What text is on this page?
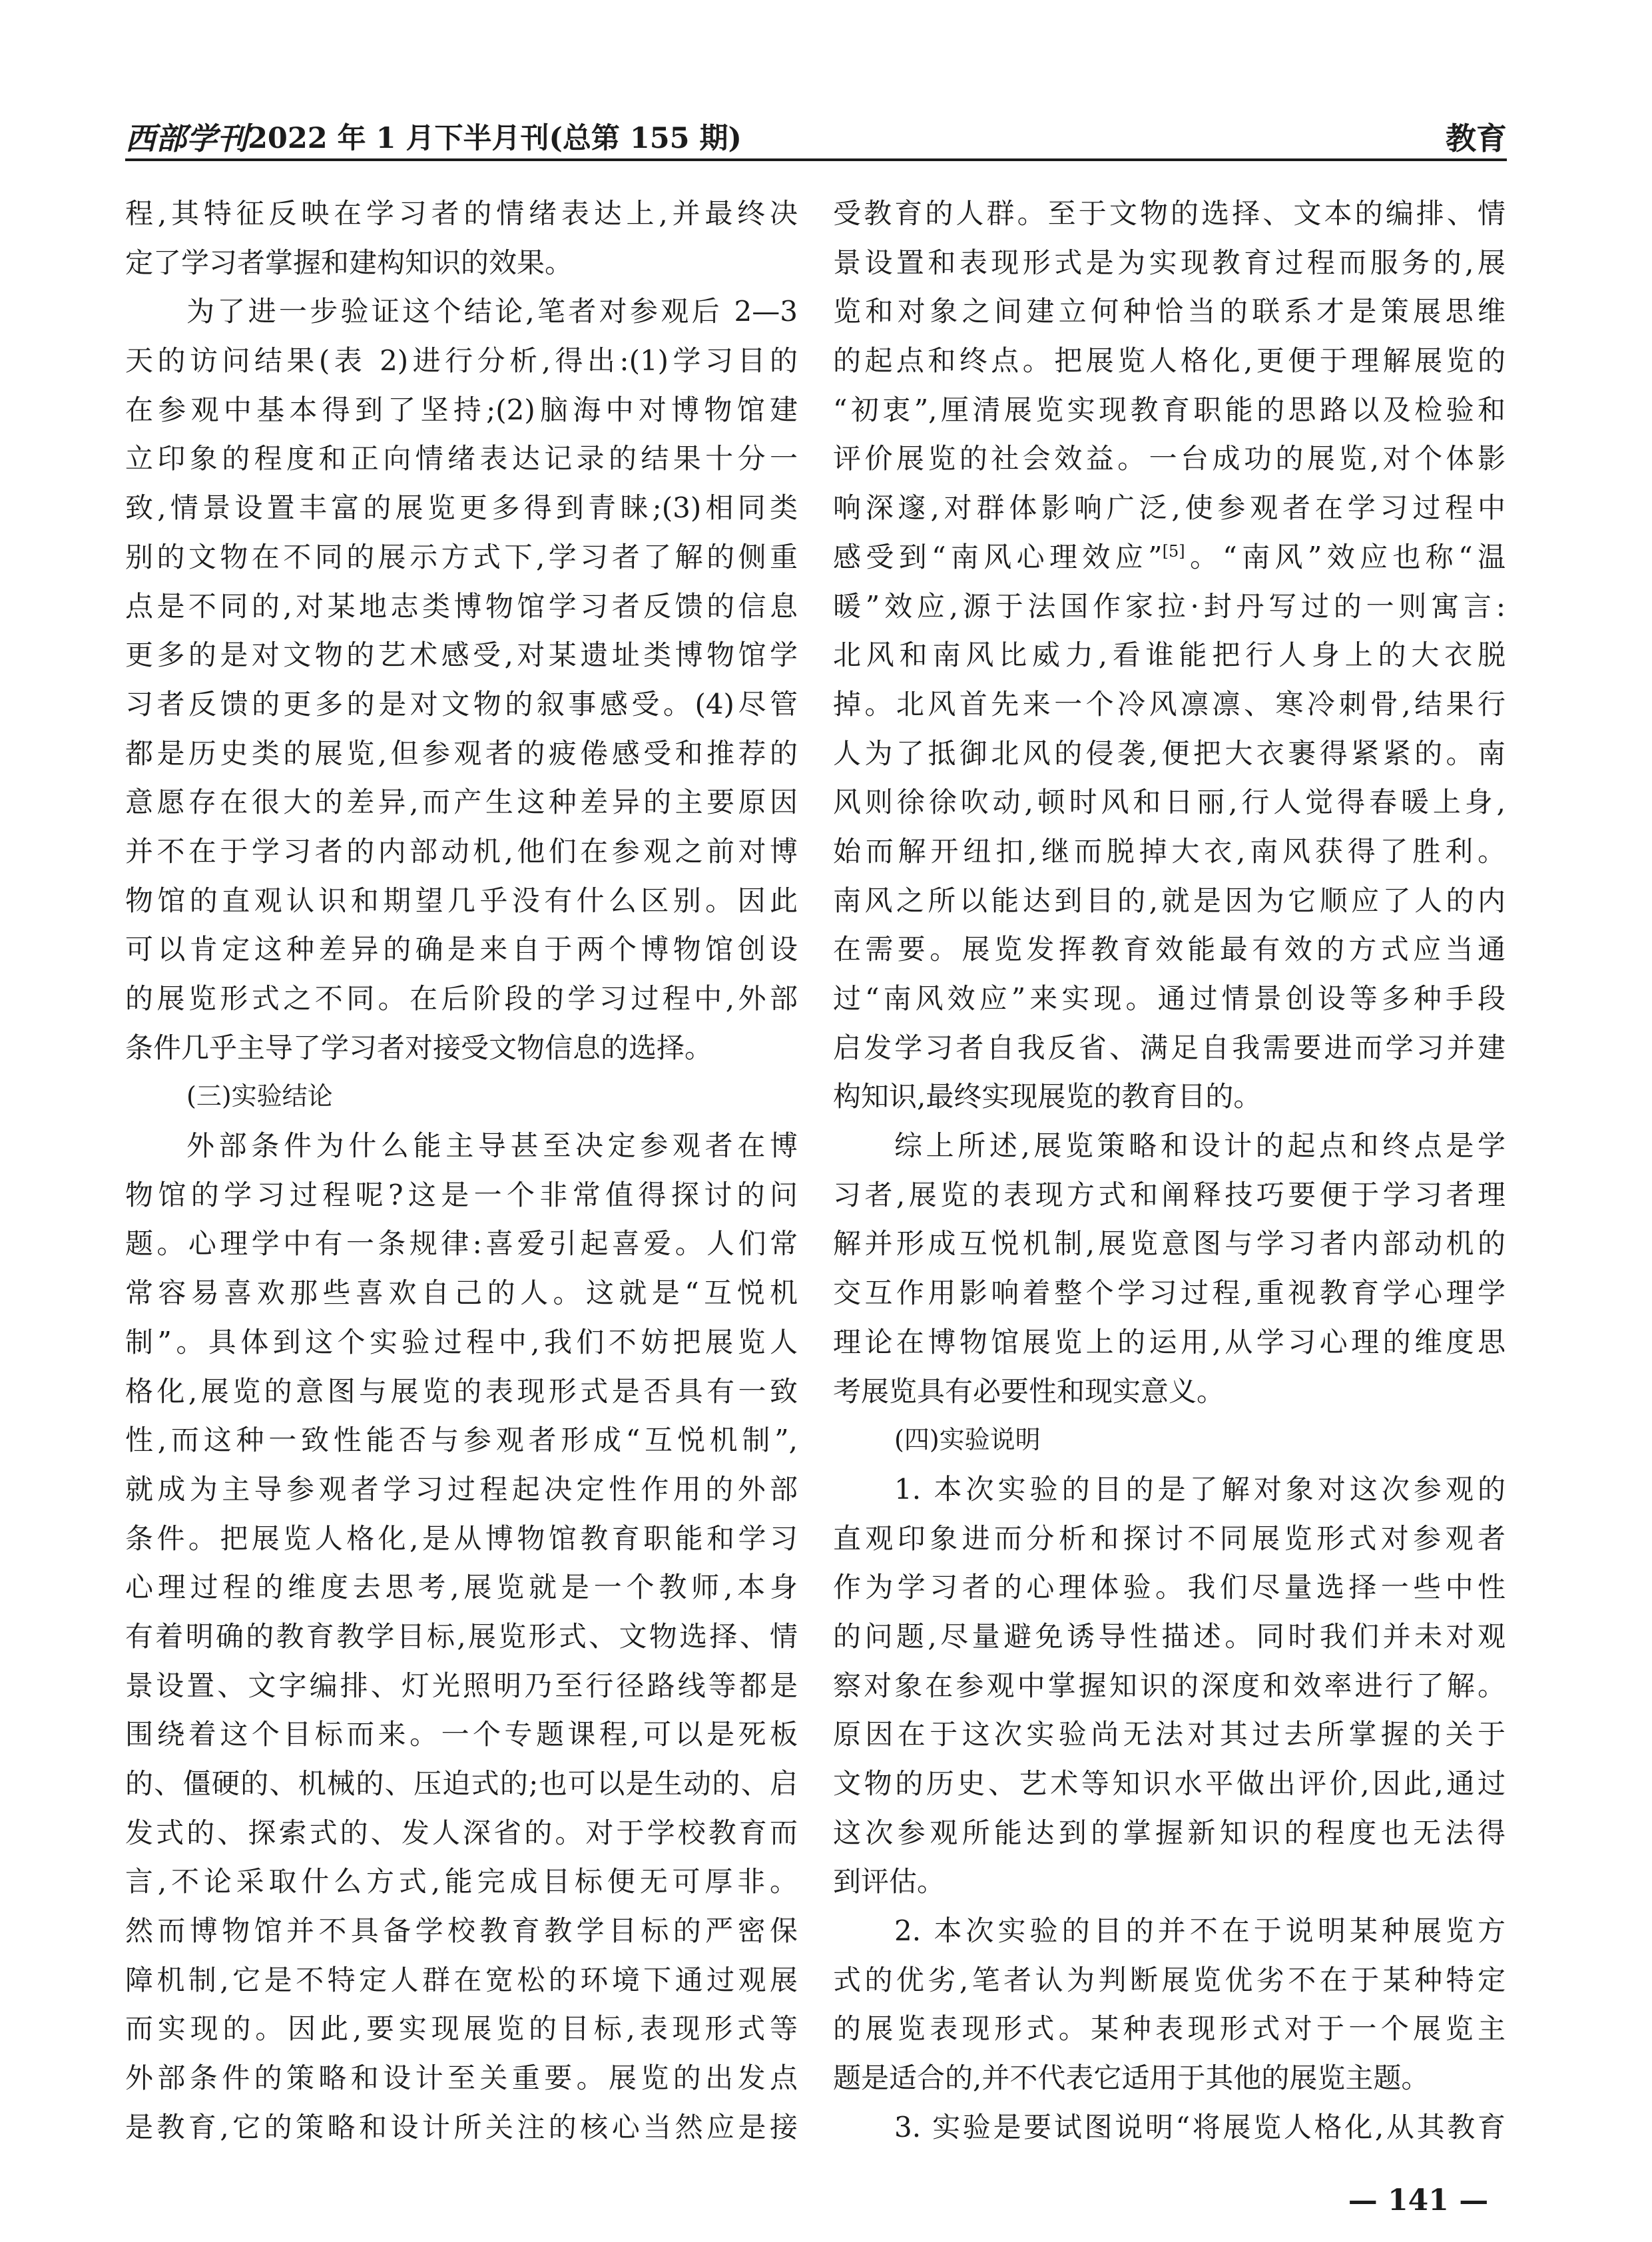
西部学刊 2022 年 1 月下半月刊(总第 155 期)	教育
程,其特征反映在学习者的情绪表达上,并最终决
定了学习者掌握和建构知识的效果。
为了进一步验证这个结论,笔者对参观后 2—3
天的访问结果(表 2)进行分析,得出:(1)学习目的
在参观中基本得到了坚持;(2)脑海中对博物馆建
立印象的程度和正向情绪表达记录的结果十分一
致,情景设置丰富的展览更多得到青睐;(3)相同类
别的文物在不同的展示方式下,学习者了解的侧重
点是不同的,对某地志类博物馆学习者反馈的信息
更多的是对文物的艺术感受,对某遗址类博物馆学
习者反馈的更多的是对文物的叙事感受。(4)尽管
都是历史类的展览,但参观者的疲倦感受和推荐的
意愿存在很大的差异,而产生这种差异的主要原因
并不在于学习者的内部动机,他们在参观之前对博
物馆的直观认识和期望几乎没有什么区别。因此
可以肯定这种差异的确是来自于两个博物馆创设
的展览形式之不同。在后阶段的学习过程中,外部
条件几乎主导了学习者对接受文物信息的选择。
(三)实验结论
外部条件为什么能主导甚至决定参观者在博
物馆的学习过程呢?这是一个非常值得探讨的问
题。心理学中有一条规律:喜爱引起喜爱。人们常
常容易喜欢那些喜欢自己的人。这就是“互悦机
制”。具体到这个实验过程中,我们不妨把展览人
格化,展览的意图与展览的表现形式是否具有一致
性,而这种一致性能否与参观者形成“互悦机制”,
就成为主导参观者学习过程起决定性作用的外部
条件。把展览人格化,是从博物馆教育职能和学习
心理过程的维度去思考,展览就是一个教师,本身
有着明确的教育教学目标,展览形式、文物选择、情
景设置、文字编排、灯光照明乃至行径路线等都是
围绕着这个目标而来。一个专题课程,可以是死板
的、僵硬的、机械的、压迫式的;也可以是生动的、启
发式的、探索式的、发人深省的。对于学校教育而
言,不论采取什么方式,能完成目标便无可厚非。
然而博物馆并不具备学校教育教学目标的严密保
障机制,它是不特定人群在宽松的环境下通过观展
而实现的。因此,要实现展览的目标,表现形式等
外部条件的策略和设计至关重要。展览的出发点
是教育,它的策略和设计所关注的核心当然应是接
受教育的人群。至于文物的选择、文本的编排、情
景设置和表现形式是为实现教育过程而服务的,展
览和对象之间建立何种恰当的联系才是策展思维
的起点和终点。把展览人格化,更便于理解展览的
“初衷”,厘清展览实现教育职能的思路以及检验和
评价展览的社会效益。一台成功的展览,对个体影
响深邃,对群体影响广泛,使参观者在学习过程中
感受到“南风心理效应”[5]。“南风”效应也称“温
暖”效应,源于法国作家拉·封丹写过的一则寓言:
北风和南风比威力,看谁能把行人身上的大衣脱
掉。北风首先来一个冷风凛凛、寒冷刺骨,结果行
人为了抵御北风的侵袭,便把大衣裹得紧紧的。南
风则徐徐吹动,顿时风和日丽,行人觉得春暖上身,
始而解开纽扣,继而脱掉大衣,南风获得了胜利。
南风之所以能达到目的,就是因为它顺应了人的内
在需要。展览发挥教育效能最有效的方式应当通
过“南风效应”来实现。通过情景创设等多种手段
启发学习者自我反省、满足自我需要进而学习并建
构知识,最终实现展览的教育目的。
综上所述,展览策略和设计的起点和终点是学
习者,展览的表现方式和阐释技巧要便于学习者理
解并形成互悦机制,展览意图与学习者内部动机的
交互作用影响着整个学习过程,重视教育学心理学
理论在博物馆展览上的运用,从学习心理的维度思
考展览具有必要性和现实意义。
(四)实验说明
1. 本次实验的目的是了解对象对这次参观的
直观印象进而分析和探讨不同展览形式对参观者
作为学习者的心理体验。我们尽量选择一些中性
的问题,尽量避免诱导性描述。同时我们并未对观
察对象在参观中掌握知识的深度和效率进行了解。
原因在于这次实验尚无法对其过去所掌握的关于
文物的历史、艺术等知识水平做出评价,因此,通过
这次参观所能达到的掌握新知识的程度也无法得
到评估。
2. 本次实验的目的并不在于说明某种展览方
式的优劣,笔者认为判断展览优劣不在于某种特定
的展览表现形式。某种表现形式对于一个展览主
题是适合的,并不代表它适用于其他的展览主题。
3. 实验是要试图说明“将展览人格化,从其教育
— 141 —
